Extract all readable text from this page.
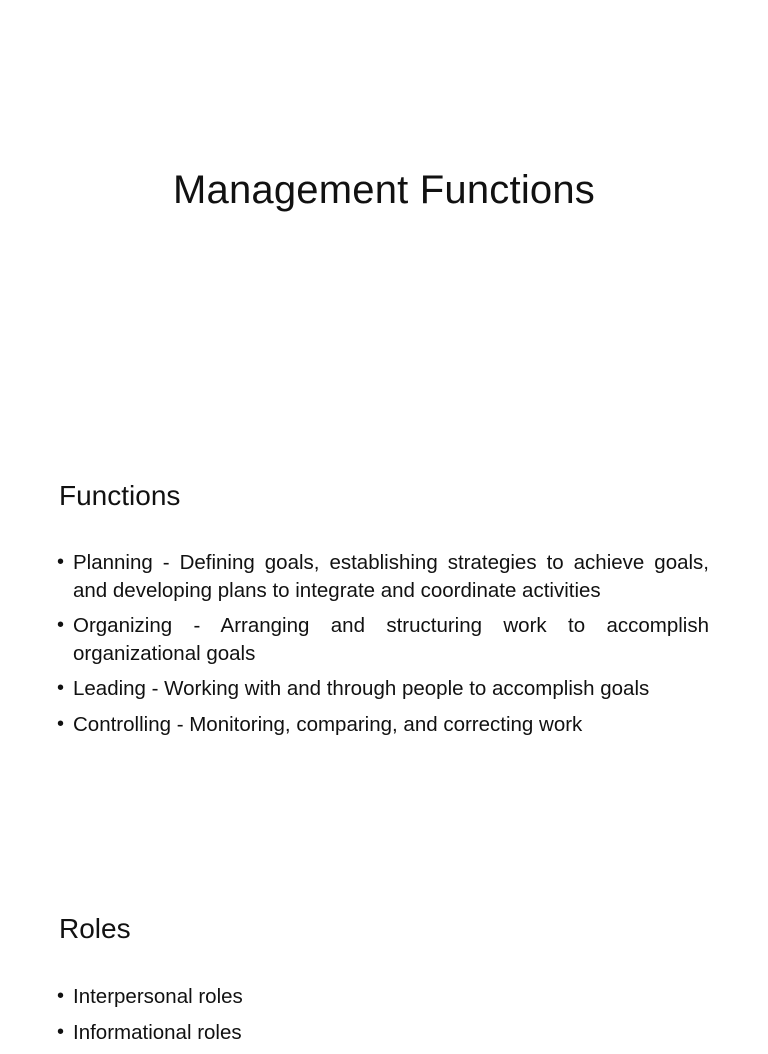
Management Functions
Functions
• Planning - Defining goals, establishing strategies to achieve goals, and developing plans to integrate and coordinate activities
• Organizing - Arranging and structuring work to accomplish organizational goals
• Leading - Working with and through people to accomplish goals
• Controlling - Monitoring, comparing, and correcting work
Roles
• Interpersonal roles
• Informational roles
